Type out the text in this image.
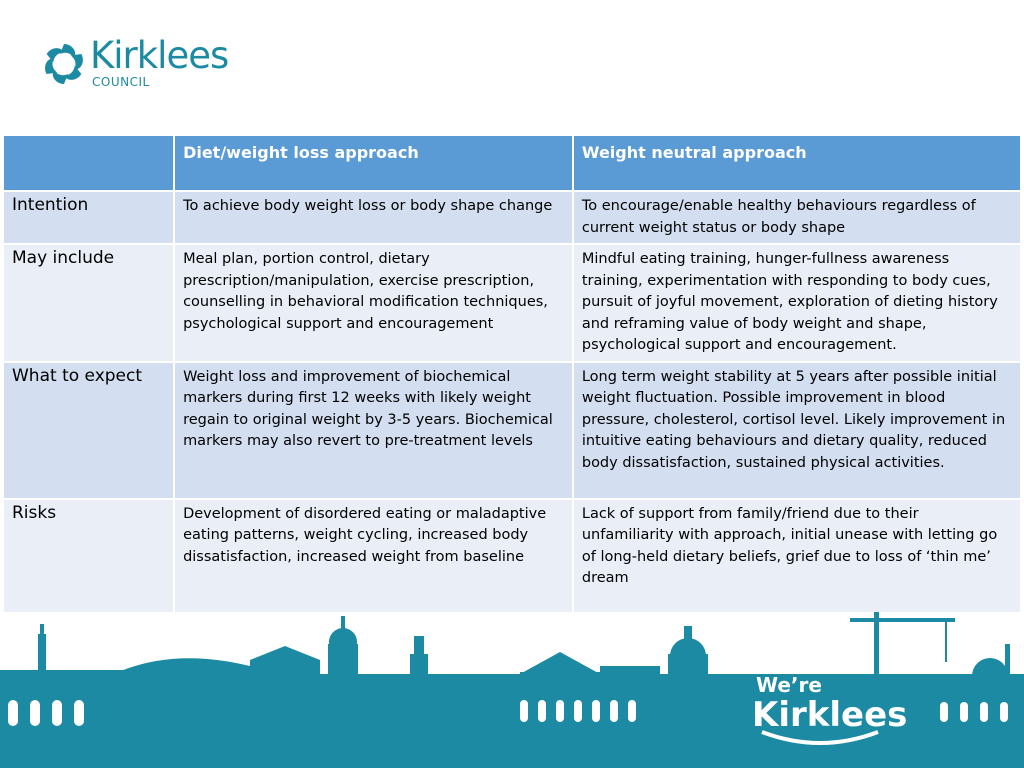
Kirklees
COUNCIL
	Diet/weight loss approach	Weight neutral approach
Intention	To achieve body weight loss or body shape change	To encourage/enable healthy behaviours regardless of current weight status or body shape
May include	Meal plan, portion control, dietary prescription/manipulation, exercise prescription, counselling in behavioral modification techniques, psychological support and encouragement	Mindful eating training, hunger-fullness awareness training, experimentation with responding to body cues, pursuit of joyful movement, exploration of dieting history and reframing value of body weight and shape, psychological support and encouragement.
What to expect	Weight loss and improvement of biochemical markers during first 12 weeks with likely weight regain to original weight by 3-5 years. Biochemical markers may also revert to pre-treatment levels	Long term weight stability at 5 years after possible initial weight fluctuation. Possible improvement in blood pressure, cholesterol, cortisol level. Likely improvement in intuitive eating behaviours and dietary quality, reduced body dissatisfaction, sustained physical activities.
Risks	Development of disordered eating or maladaptive eating patterns, weight cycling, increased body dissatisfaction, increased weight from baseline	Lack of support from family/friend due to their unfamiliarity with approach, initial unease with letting go of long-held dietary beliefs, grief due to loss of ‘thin me’ dream
We’re
Kirklees
